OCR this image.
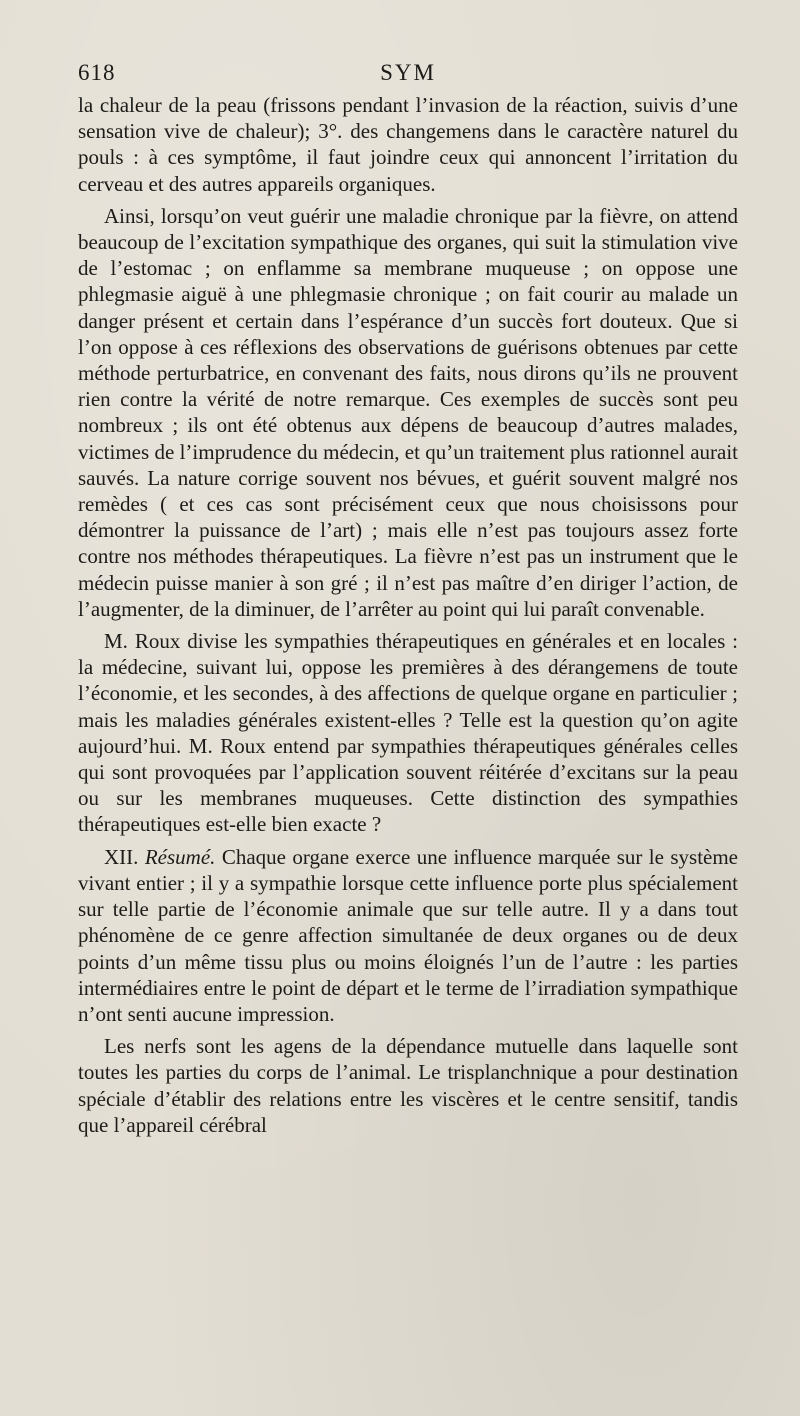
618	SYM

la chaleur de la peau (frissons pendant l’invasion de la réaction, suivis d’une sensation vive de chaleur); 3°. des changemens dans le caractère naturel du pouls : à ces symptôme, il faut joindre ceux qui annoncent l’irritation du cerveau et des autres appareils organiques.

Ainsi, lorsqu’on veut guérir une maladie chronique par la fièvre, on attend beaucoup de l’excitation sympathique des organes, qui suit la stimulation vive de l’estomac ; on enflamme sa membrane muqueuse ; on oppose une phlegmasie aiguë à une phlegmasie chronique ; on fait courir au malade un danger présent et certain dans l’espérance d’un succès fort douteux. Que si l’on oppose à ces réflexions des observations de guérisons obtenues par cette méthode perturbatrice, en convenant des faits, nous dirons qu’ils ne prouvent rien contre la vérité de notre remarque. Ces exemples de succès sont peu nombreux ; ils ont été obtenus aux dépens de beaucoup d’autres malades, victimes de l’imprudence du médecin, et qu’un traitement plus rationnel aurait sauvés. La nature corrige souvent nos bévues, et guérit souvent malgré nos remèdes ( et ces cas sont précisément ceux que nous choisissons pour démontrer la puissance de l’art) ; mais elle n’est pas toujours assez forte contre nos méthodes thérapeutiques. La fièvre n’est pas un instrument que le médecin puisse manier à son gré ; il n’est pas maître d’en diriger l’action, de l’augmenter, de la diminuer, de l’arrêter au point qui lui paraît convenable.

M. Roux divise les sympathies thérapeutiques en générales et en locales : la médecine, suivant lui, oppose les premières à des dérangemens de toute l’économie, et les secondes, à des affections de quelque organe en particulier ; mais les maladies générales existent-elles ? Telle est la question qu’on agite aujourd’hui. M. Roux entend par sympathies thérapeutiques générales celles qui sont provoquées par l’application souvent réitérée d’excitans sur la peau ou sur les membranes muqueuses. Cette distinction des sympathies thérapeutiques est-elle bien exacte ?

XII. Résumé. Chaque organe exerce une influence marquée sur le système vivant entier ; il y a sympathie lorsque cette influence porte plus spécialement sur telle partie de l’économie animale que sur telle autre. Il y a dans tout phénomène de ce genre affection simultanée de deux organes ou de deux points d’un même tissu plus ou moins éloignés l’un de l’autre : les parties intermédiaires entre le point de départ et le terme de l’irradiation sympathique n’ont senti aucune impression.

Les nerfs sont les agens de la dépendance mutuelle dans laquelle sont toutes les parties du corps de l’animal. Le trisplanchnique a pour destination spéciale d’établir des relations entre les viscères et le centre sensitif, tandis que l’appareil cérébral
